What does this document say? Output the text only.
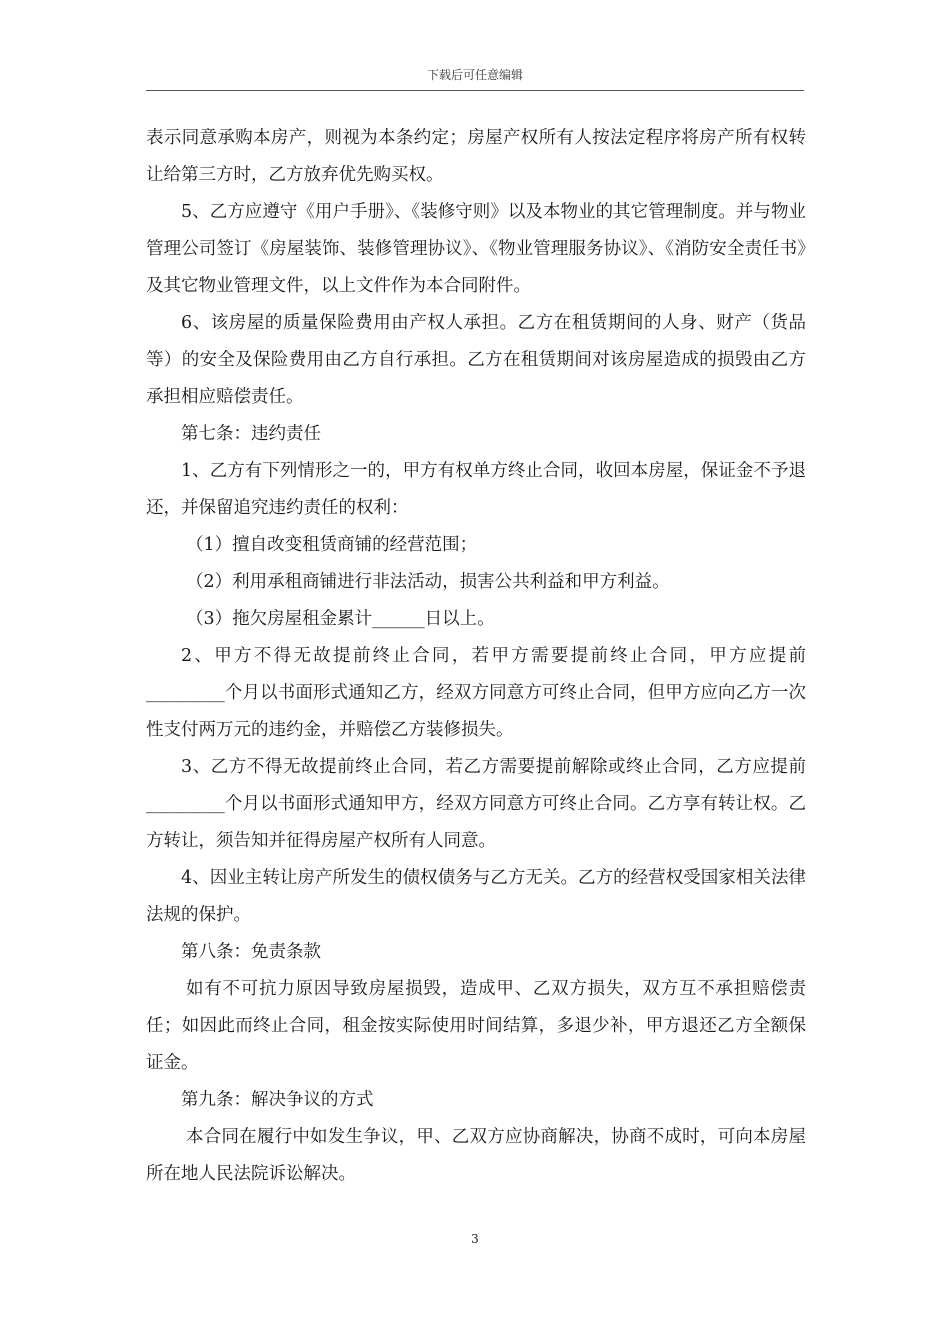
下载后可任意编辑

表示同意承购本房产，则视为本条约定；房屋产权所有人按法定程序将房产所有权转让给第三方时，乙方放弃优先购买权。

5、乙方应遵守《用户手册》、《装修守则》以及本物业的其它管理制度。并与物业管理公司签订《房屋装饰、装修管理协议》、《物业管理服务协议》、《消防安全责任书》及其它物业管理文件，以上文件作为本合同附件。

6、该房屋的质量保险费用由产权人承担。乙方在租赁期间的人身、财产（货品等）的安全及保险费用由乙方自行承担。乙方在租赁期间对该房屋造成的损毁由乙方承担相应赔偿责任。

第七条：违约责任

1、乙方有下列情形之一的，甲方有权单方终止合同，收回本房屋，保证金不予退还，并保留追究违约责任的权利：

（1）擅自改变租赁商铺的经营范围；

（2）利用承租商铺进行非法活动，损害公共利益和甲方利益。

（3）拖欠房屋租金累计______日以上。

2、甲方不得无故提前终止合同，若甲方需要提前终止合同，甲方应提前_________个月以书面形式通知乙方，经双方同意方可终止合同，但甲方应向乙方一次性支付两万元的违约金，并赔偿乙方装修损失。

3、乙方不得无故提前终止合同，若乙方需要提前解除或终止合同，乙方应提前_________个月以书面形式通知甲方，经双方同意方可终止合同。乙方享有转让权。乙方转让，须告知并征得房屋产权所有人同意。

4、因业主转让房产所发生的债权债务与乙方无关。乙方的经营权受国家相关法律法规的保护。

第八条：免责条款

如有不可抗力原因导致房屋损毁，造成甲、乙双方损失，双方互不承担赔偿责任；如因此而终止合同，租金按实际使用时间结算，多退少补，甲方退还乙方全额保证金。

第九条：解决争议的方式

本合同在履行中如发生争议，甲、乙双方应协商解决，协商不成时，可向本房屋所在地人民法院诉讼解决。

3
